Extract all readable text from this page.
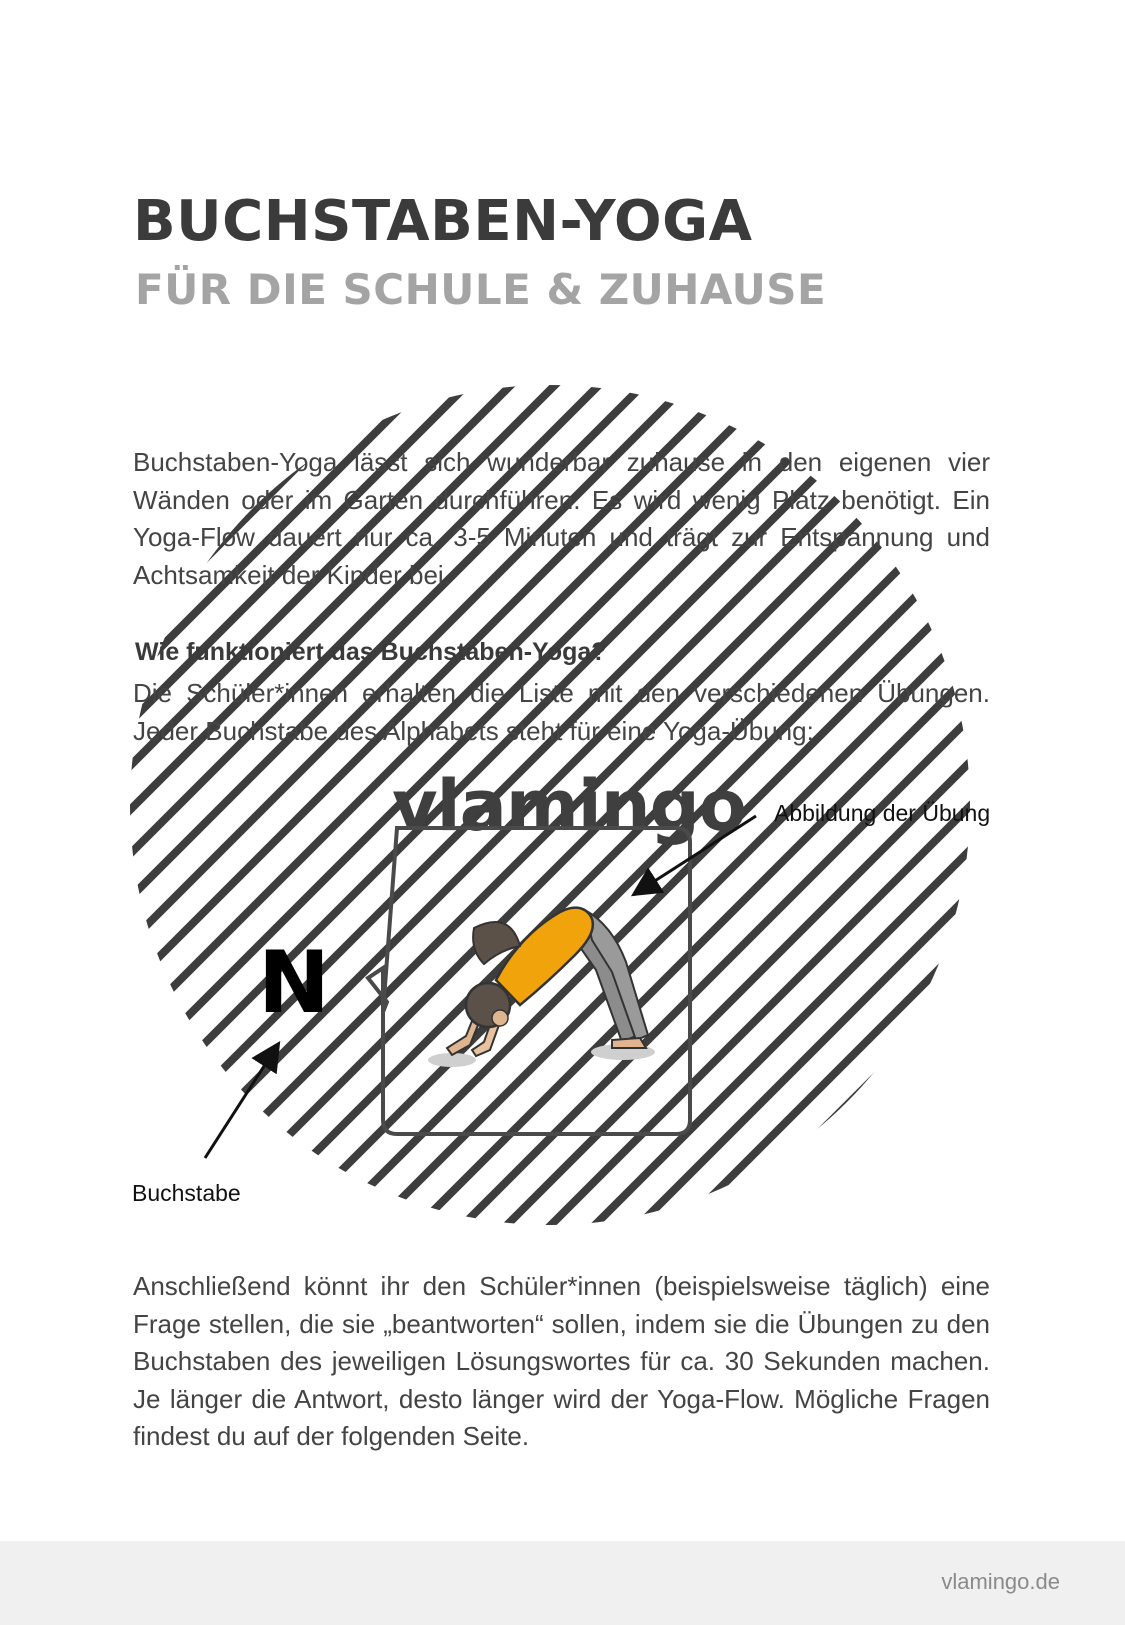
BUCHSTABEN-YOGA
FÜR DIE SCHULE & ZUHAUSE

Buchstaben-Yoga lässt sich wunderbar zuhause in den eigenen vier Wänden oder im Garten durchführen. Es wird wenig Platz benötigt. Ein Yoga-Flow dauert nur ca. 3-5 Minuten und trägt zur Entspannung und Achtsamkeit der Kinder bei.

Wie funktioniert das Buchstaben-Yoga?

Die Schüler*innen erhalten die Liste mit den verschiedenen Übungen. Jeder Buchstabe des Alphabets steht für eine Yoga-Übung:

vlamingo
N
Abbildung der Übung
Buchstabe

Anschließend könnt ihr den Schüler*innen (beispielsweise täglich) eine Frage stellen, die sie „beantworten“ sollen, indem sie die Übungen zu den Buchstaben des jeweiligen Lösungswortes für ca. 30 Sekunden machen. Je länger die Antwort, desto länger wird der Yoga-Flow. Mögliche Fragen findest du auf der folgenden Seite.

vlamingo.de
